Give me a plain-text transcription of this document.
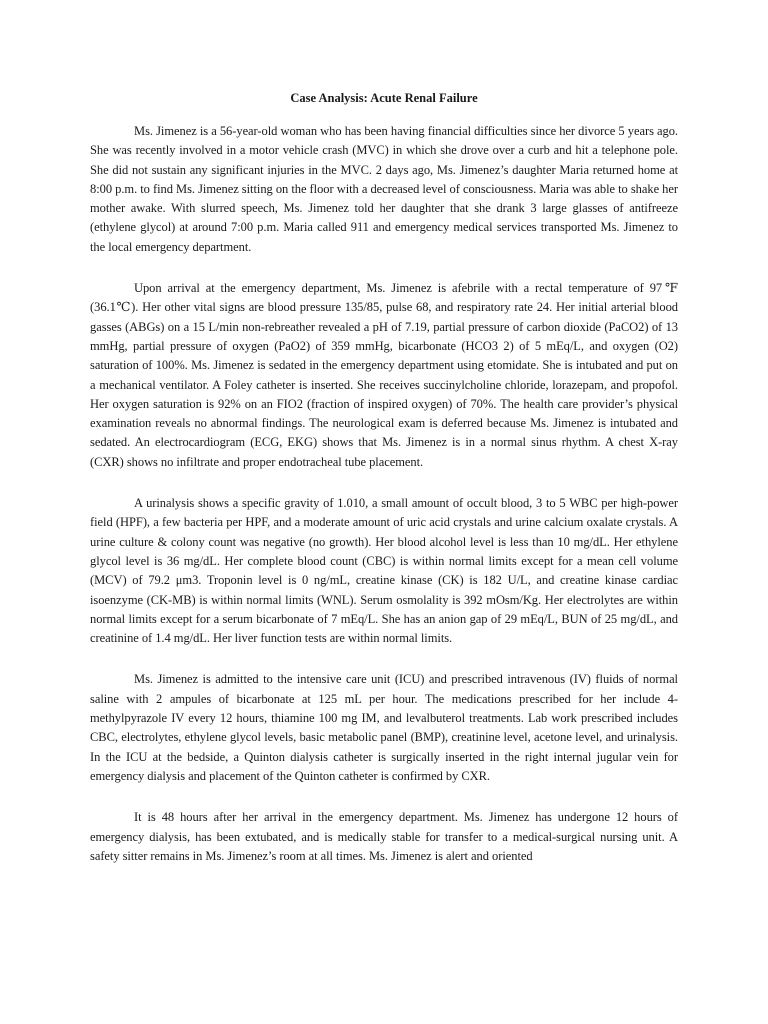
Case Analysis: Acute Renal Failure

Ms. Jimenez is a 56-year-old woman who has been having financial difficulties since her divorce 5 years ago. She was recently involved in a motor vehicle crash (MVC) in which she drove over a curb and hit a telephone pole. She did not sustain any significant injuries in the MVC. 2 days ago, Ms. Jimenez’s daughter Maria returned home at 8:00 p.m. to find Ms. Jimenez sitting on the floor with a decreased level of consciousness. Maria was able to shake her mother awake. With slurred speech, Ms. Jimenez told her daughter that she drank 3 large glasses of antifreeze (ethylene glycol) at around 7:00 p.m. Maria called 911 and emergency medical services transported Ms. Jimenez to the local emergency department.

Upon arrival at the emergency department, Ms. Jimenez is afebrile with a rectal temperature of 97℉ (36.1℃). Her other vital signs are blood pressure 135/85, pulse 68, and respiratory rate 24. Her initial arterial blood gasses (ABGs) on a 15 L/min non-rebreather revealed a pH of 7.19, partial pressure of carbon dioxide (PaCO2) of 13 mmHg, partial pressure of oxygen (PaO2) of 359 mmHg, bicarbonate (HCO3 2) of 5 mEq/L, and oxygen (O2) saturation of 100%. Ms. Jimenez is sedated in the emergency department using etomidate. She is intubated and put on a mechanical ventilator. A Foley catheter is inserted. She receives succinylcholine chloride, lorazepam, and propofol. Her oxygen saturation is 92% on an FIO2 (fraction of inspired oxygen) of 70%. The health care provider’s physical examination reveals no abnormal findings. The neurological exam is deferred because Ms. Jimenez is intubated and sedated. An electrocardiogram (ECG, EKG) shows that Ms. Jimenez is in a normal sinus rhythm. A chest X-ray (CXR) shows no infiltrate and proper endotracheal tube placement.

A urinalysis shows a specific gravity of 1.010, a small amount of occult blood, 3 to 5 WBC per high-power field (HPF), a few bacteria per HPF, and a moderate amount of uric acid crystals and urine calcium oxalate crystals. A urine culture & colony count was negative (no growth). Her blood alcohol level is less than 10 mg/dL. Her ethylene glycol level is 36 mg/dL. Her complete blood count (CBC) is within normal limits except for a mean cell volume (MCV) of 79.2 μm3. Troponin level is 0 ng/mL, creatine kinase (CK) is 182 U/L, and creatine kinase cardiac isoenzyme (CK-MB) is within normal limits (WNL). Serum osmolality is 392 mOsm/Kg. Her electrolytes are within normal limits except for a serum bicarbonate of 7 mEq/L. She has an anion gap of 29 mEq/L, BUN of 25 mg/dL, and creatinine of 1.4 mg/dL. Her liver function tests are within normal limits.

Ms. Jimenez is admitted to the intensive care unit (ICU) and prescribed intravenous (IV) fluids of normal saline with 2 ampules of bicarbonate at 125 mL per hour. The medications prescribed for her include 4-methylpyrazole IV every 12 hours, thiamine 100 mg IM, and levalbuterol treatments. Lab work prescribed includes CBC, electrolytes, ethylene glycol levels, basic metabolic panel (BMP), creatinine level, acetone level, and urinalysis. In the ICU at the bedside, a Quinton dialysis catheter is surgically inserted in the right internal jugular vein for emergency dialysis and placement of the Quinton catheter is confirmed by CXR.

It is 48 hours after her arrival in the emergency department. Ms. Jimenez has undergone 12 hours of emergency dialysis, has been extubated, and is medically stable for transfer to a medical-surgical nursing unit. A safety sitter remains in Ms. Jimenez’s room at all times. Ms. Jimenez is alert and oriented
